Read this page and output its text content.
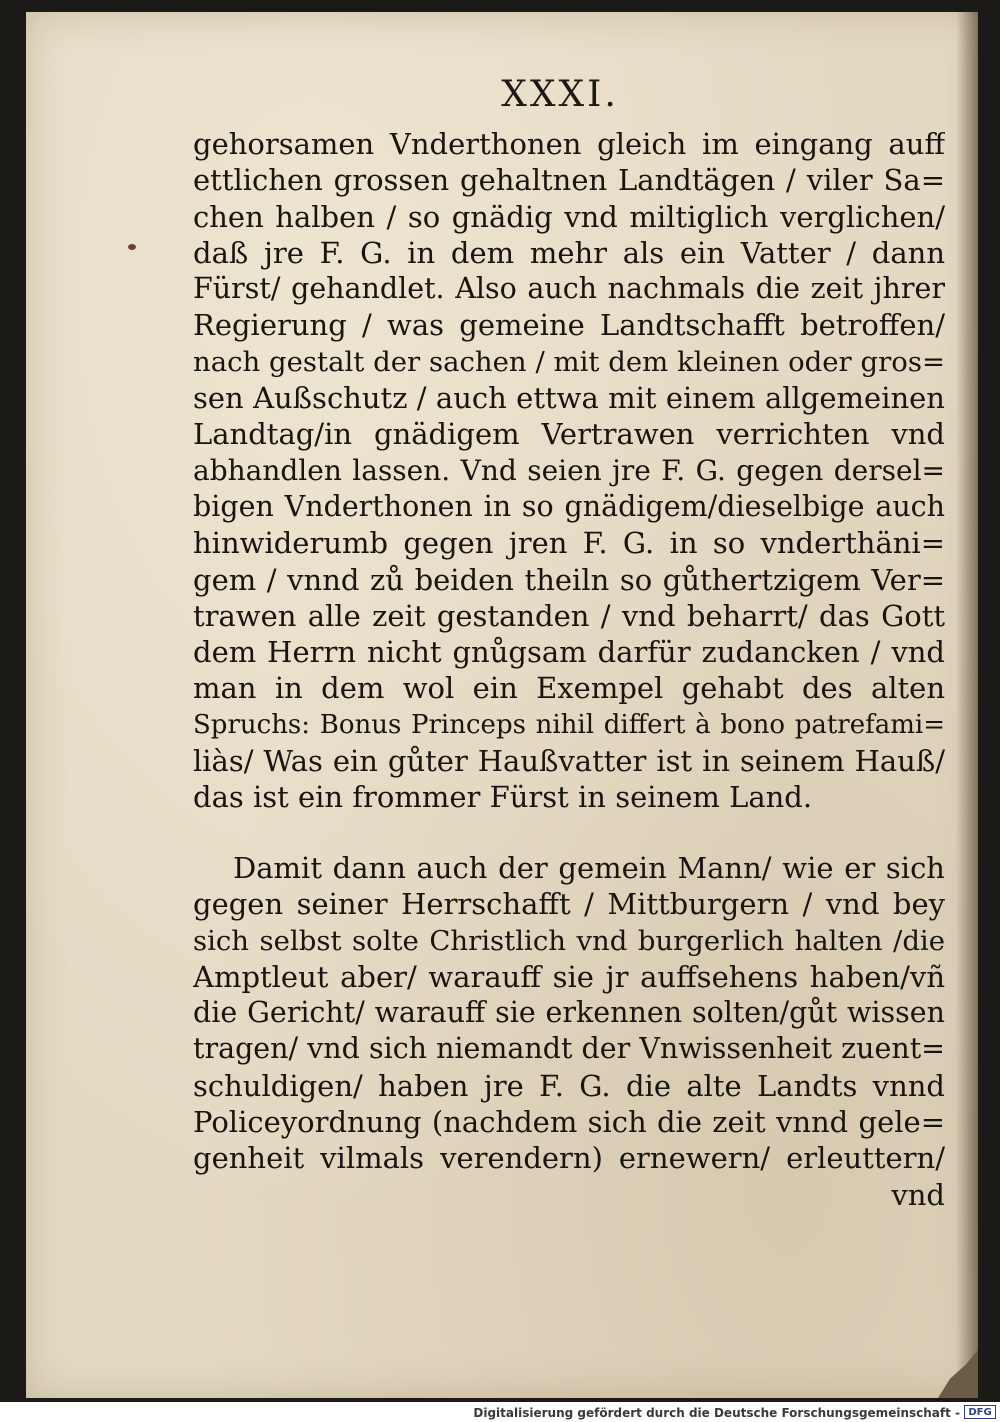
XXXI.
gehorsamen Vnderthonen gleich im eingang auff
ettlichen grossen gehaltnen Landtägen / viler Sa=
chen halben / so gnädig vnd miltiglich verglichen/
daß jre F. G. in dem mehr als ein Vatter / dann
Fürst/ gehandlet. Also auch nachmals die zeit jhrer
Regierung / was gemeine Landtschafft betroffen/
nach gestalt der sachen / mit dem kleinen oder gros=
sen Außschutz / auch ettwa mit einem allgemeinen
Landtag/in gnädigem Vertrawen verrichten vnd
abhandlen lassen. Vnd seien jre F. G. gegen dersel=
bigen Vnderthonen in so gnädigem/dieselbige auch
hinwiderumb gegen jren F. G. in so vnderthäni=
gem / vnnd zů beiden theiln so gůthertzigem Ver=
trawen alle zeit gestanden / vnd beharrt/ das Gott
dem Herrn nicht gnůgsam darfür zudancken / vnd
man in dem wol ein Exempel gehabt des alten
Spruchs: Bonus Princeps nihil differt à bono patrefami=
liàs/ Was ein gůter Haußvatter ist in seinem Hauß/
das ist ein frommer Fürst in seinem Land.
Damit dann auch der gemein Mann/ wie er sich
gegen seiner Herrschafft / Mittburgern / vnd bey
sich selbst solte Christlich vnd burgerlich halten /die
Amptleut aber/ warauff sie jr auffsehens haben/vñ
die Gericht/ warauff sie erkennen solten/gůt wissen
tragen/ vnd sich niemandt der Vnwissenheit zuent=
schuldigen/ haben jre F. G. die alte Landts vnnd
Policeyordnung (nachdem sich die zeit vnnd gele=
genheit vilmals verendern) ernewern/ erleuttern/
vnd
Digitalisierung gefördert durch die Deutsche Forschungsgemeinschaft - DFG
